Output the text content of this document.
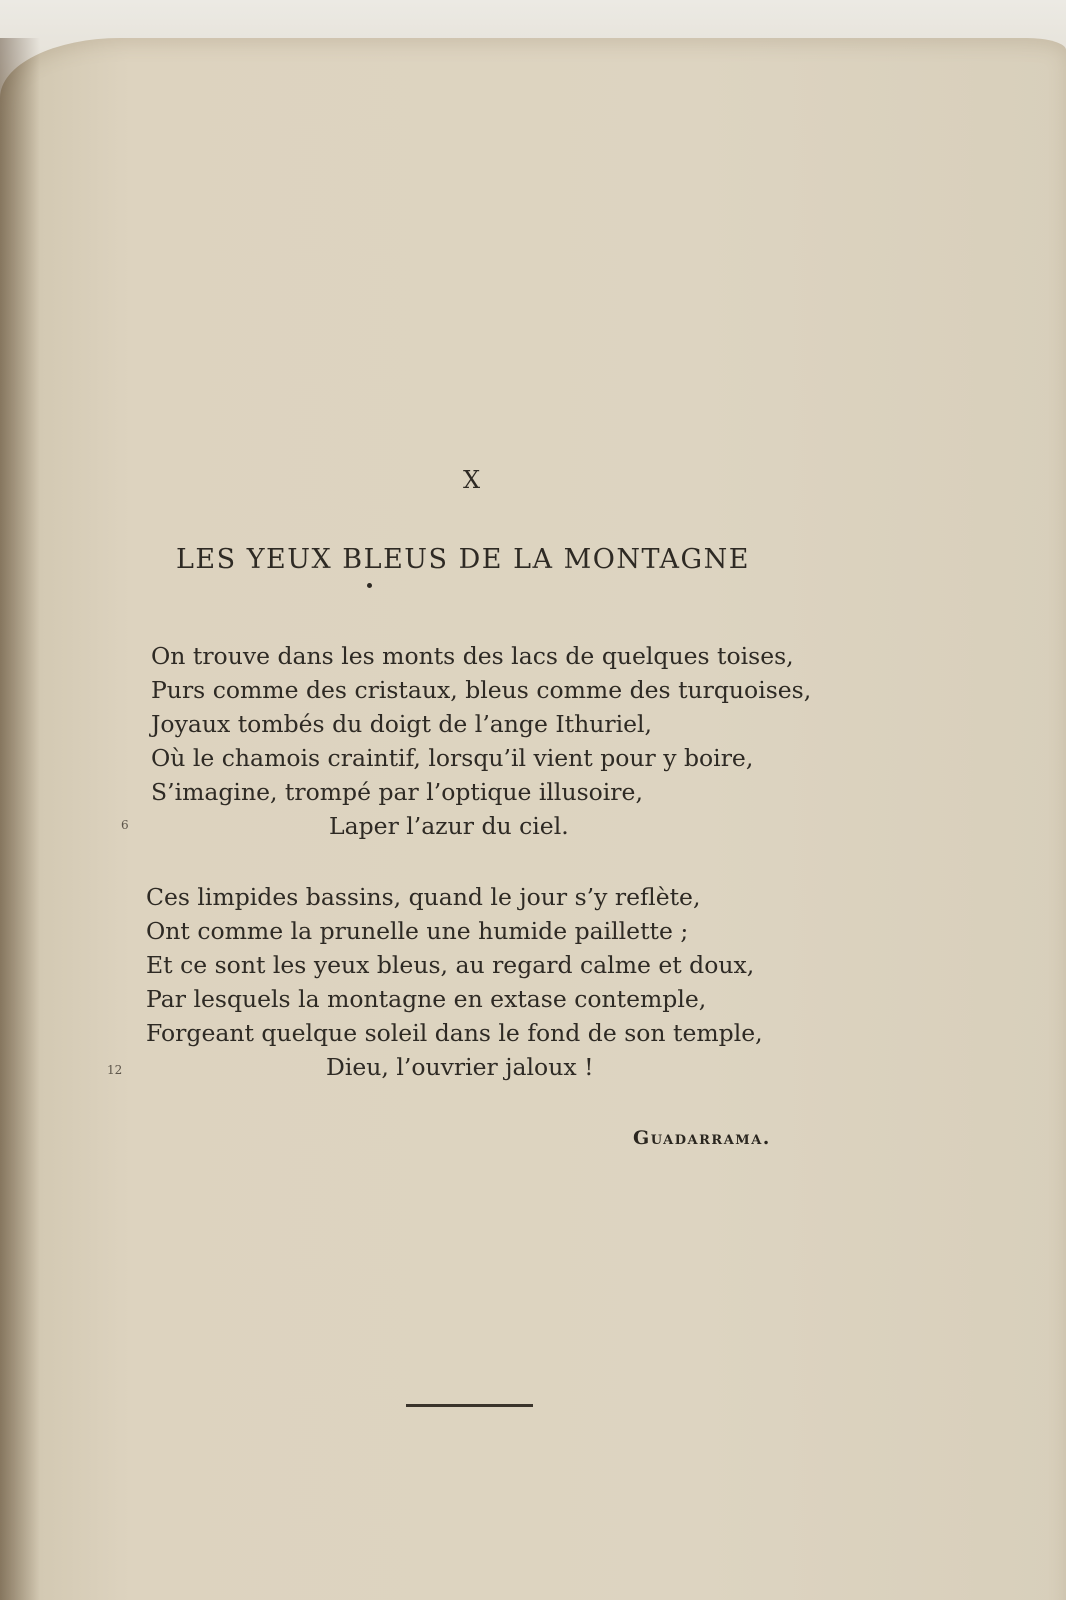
X
LES YEUX BLEUS DE LA MONTAGNE
On trouve dans les monts des lacs de quelques toises,
Purs comme des cristaux, bleus comme des turquoises,
Joyaux tombés du doigt de l’ange Ithuriel,
Où le chamois craintif, lorsqu’il vient pour y boire,
S’imagine, trompé par l’optique illusoire,
Laper l’azur du ciel.
6
Ces limpides bassins, quand le jour s’y reflète,
Ont comme la prunelle une humide paillette ;
Et ce sont les yeux bleus, au regard calme et doux,
Par lesquels la montagne en extase contemple,
Forgeant quelque soleil dans le fond de son temple,
Dieu, l’ouvrier jaloux !
12
Guadarrama.
